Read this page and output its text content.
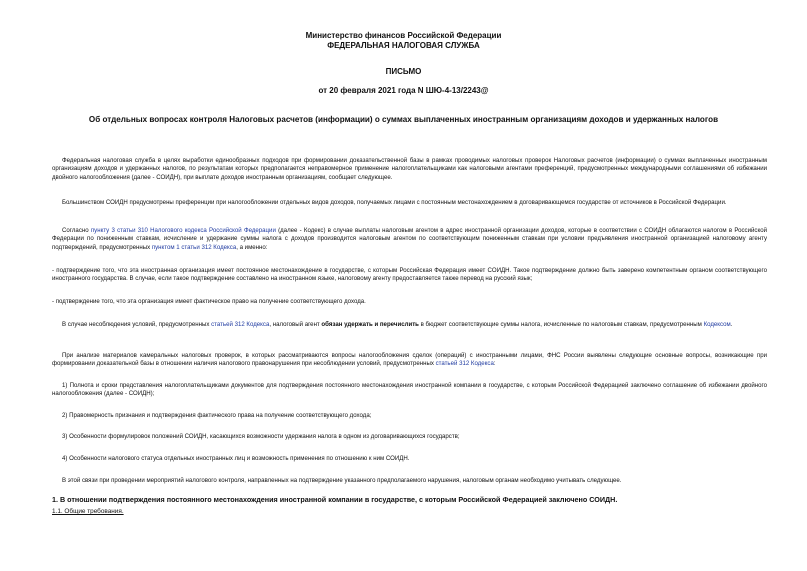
Министерство финансов Российской Федерации
ФЕДЕРАЛЬНАЯ НАЛОГОВАЯ СЛУЖБА
ПИСЬМО
от 20 февраля 2021 года N ШЮ-4-13/2243@
Об отдельных вопросах контроля Налоговых расчетов (информации) о суммах выплаченных иностранным организациям доходов и удержанных налогов

Федеральная налоговая служба в целях выработки единообразных подходов при формировании доказательственной базы в рамках проводимых налоговых проверок Налоговых расчетов (информации) о суммах выплаченных иностранным организациям доходов и удержанных налогов, по результатам которых предполагается неправомерное применение налогоплательщиками как налоговыми агентами преференций, предусмотренных международными соглашениями об избежании двойного налогообложения (далее - СОИДН), при выплате доходов иностранным организациям, сообщает следующее.

Большинством СОИДН предусмотрены преференции при налогообложении отдельных видов доходов, получаемых лицами с постоянным местонахождением в договаривающемся государстве от источников в Российской Федерации.

Согласно пункту 3 статьи 310 Налогового кодекса Российской Федерации (далее - Кодекс) в случае выплаты налоговым агентом в адрес иностранной организации доходов, которые в соответствии с СОИДН облагаются налогом в Российской Федерации по пониженным ставкам, исчисление и удержание суммы налога с доходов производится налоговым агентом по соответствующим пониженным ставкам при условии предъявления иностранной организацией налоговому агенту подтверждений, предусмотренных пунктом 1 статьи 312 Кодекса, а именно:

- подтверждение того, что эта иностранная организация имеет постоянное местонахождение в государстве, с которым Российская Федерация имеет СОИДН. Такое подтверждение должно быть заверено компетентным органом соответствующего иностранного государства. В случае, если такое подтверждение составлено на иностранном языке, налоговому агенту предоставляется также перевод на русский язык;

- подтверждение того, что эта организация имеет фактическое право на получение соответствующего дохода.

В случае несоблюдения условий, предусмотренных статьей 312 Кодекса, налоговый агент обязан удержать и перечислить в бюджет соответствующие суммы налога, исчисленные по налоговым ставкам, предусмотренным Кодексом.

При анализе материалов камеральных налоговых проверок, в которых рассматриваются вопросы налогообложения сделок (операций) с иностранными лицами, ФНС России выявлены следующие основные вопросы, возникающие при формировании доказательной базы в отношении наличия налогового правонарушения при несоблюдении условий, предусмотренных статьей 312 Кодекса:

1) Полнота и сроки представления налогоплательщиками документов для подтверждения постоянного местонахождения иностранной компании в государстве, с которым Российской Федерацией заключено соглашение об избежании двойного налогообложения (далее - СОИДН);

2) Правомерность признания и подтверждения фактического права на получение соответствующего дохода;

3) Особенности формулировок положений СОИДН, касающихся возможности удержания налога в одном из договаривающихся государств;

4) Особенности налогового статуса отдельных иностранных лиц и возможность применения по отношению к ним СОИДН.

В этой связи при проведении мероприятий налогового контроля, направленных на подтверждение указанного предполагаемого нарушения, налоговым органам необходимо учитывать следующее.

1. В отношении подтверждения постоянного местонахождения иностранной компании в государстве, с которым Российской Федерацией заключено СОИДН.
1.1. Общие требования.
